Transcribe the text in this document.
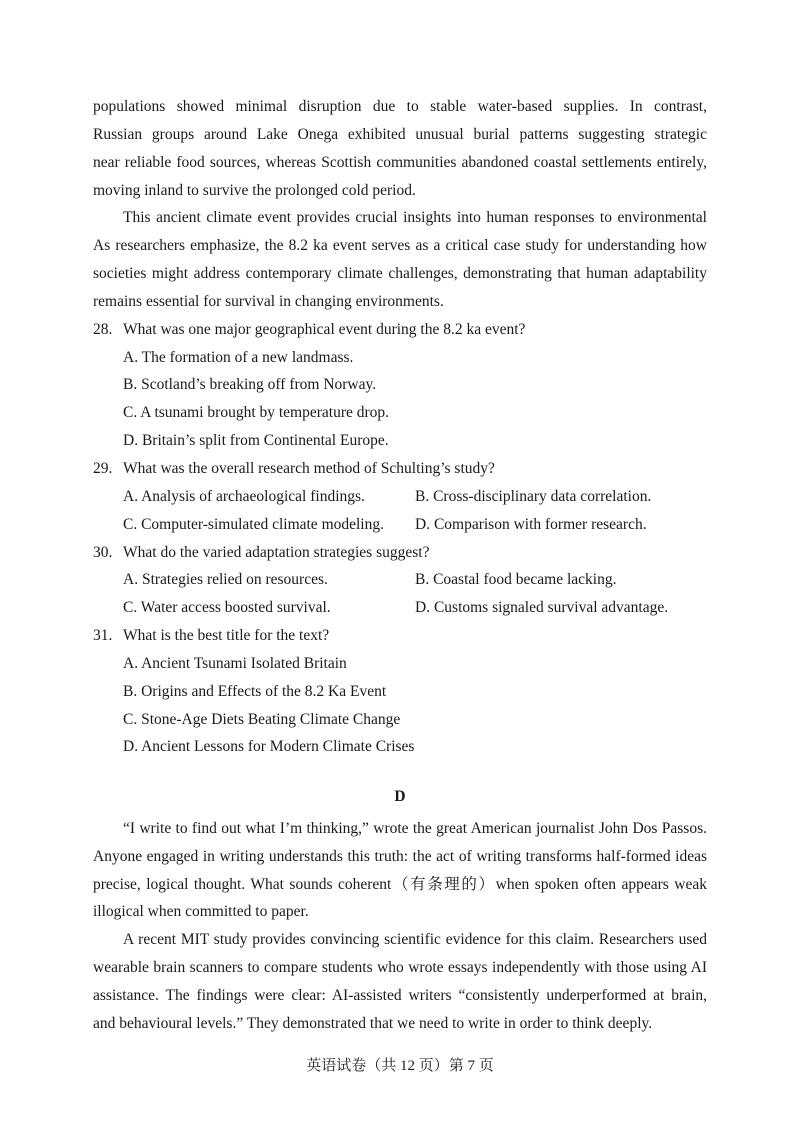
populations showed minimal disruption due to stable water-based supplies. In contrast,
Russian groups around Lake Onega exhibited unusual burial patterns suggesting strategic
near reliable food sources, whereas Scottish communities abandoned coastal settlements entirely,
moving inland to survive the prolonged cold period.
This ancient climate event provides crucial insights into human responses to environmental
As researchers emphasize, the 8.2 ka event serves as a critical case study for understanding how
societies might address contemporary climate challenges, demonstrating that human adaptability
remains essential for survival in changing environments.
28. What was one major geographical event during the 8.2 ka event?
A. The formation of a new landmass.
B. Scotland’s breaking off from Norway.
C. A tsunami brought by temperature drop.
D. Britain’s split from Continental Europe.
29. What was the overall research method of Schulting’s study?
A. Analysis of archaeological findings.	B. Cross-disciplinary data correlation.
C. Computer-simulated climate modeling.	D. Comparison with former research.
30. What do the varied adaptation strategies suggest?
A. Strategies relied on resources.	B. Coastal food became lacking.
C. Water access boosted survival.	D. Customs signaled survival advantage.
31. What is the best title for the text?
A. Ancient Tsunami Isolated Britain
B. Origins and Effects of the 8.2 Ka Event
C. Stone-Age Diets Beating Climate Change
D. Ancient Lessons for Modern Climate Crises
D
“I write to find out what I’m thinking,” wrote the great American journalist John Dos Passos.
Anyone engaged in writing understands this truth: the act of writing transforms half-formed ideas
precise, logical thought. What sounds coherent（有条理的）when spoken often appears weak
illogical when committed to paper.
A recent MIT study provides convincing scientific evidence for this claim. Researchers used
wearable brain scanners to compare students who wrote essays independently with those using AI
assistance. The findings were clear: AI-assisted writers “consistently underperformed at brain,
and behavioural levels.” They demonstrated that we need to write in order to think deeply.
英语试卷（共 12 页）第 7 页
